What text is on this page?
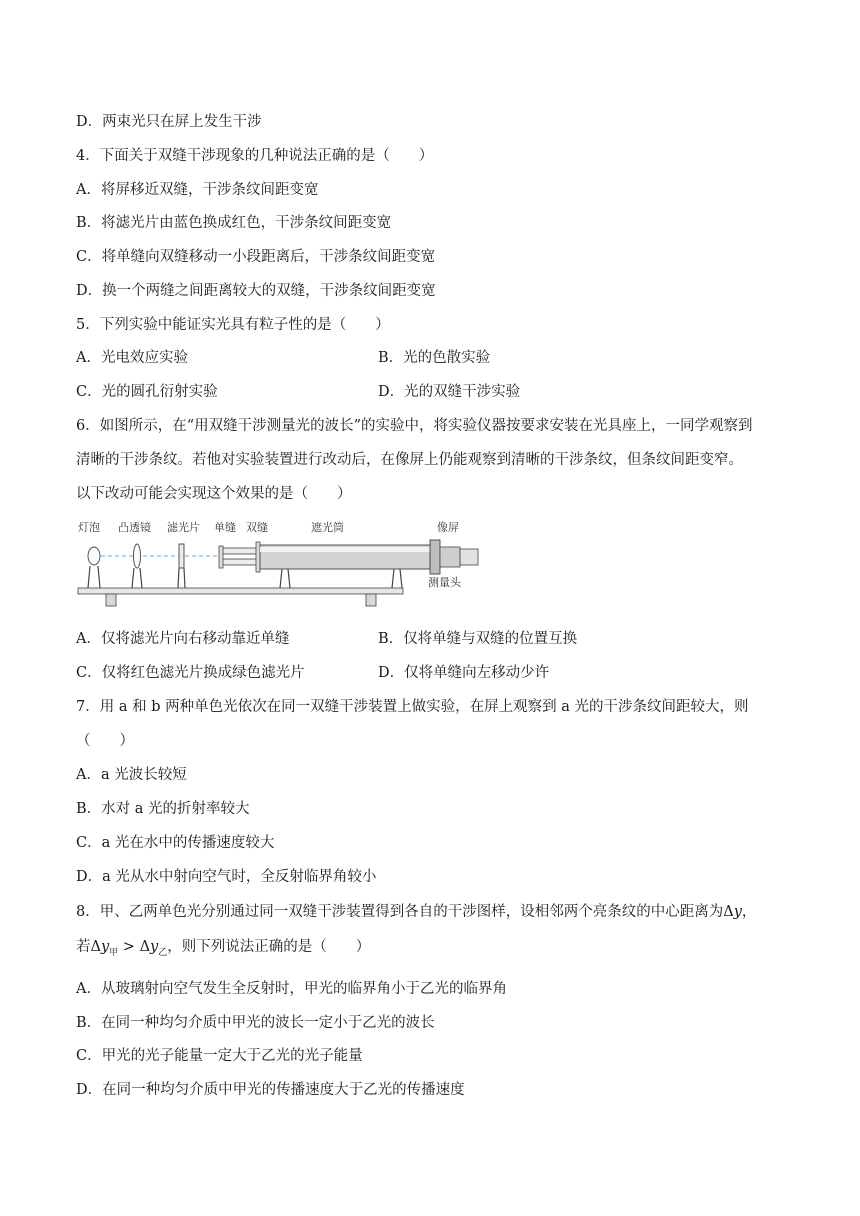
D．两束光只在屏上发生干涉
4．下面关于双缝干涉现象的几种说法正确的是（　　）
A．将屏移近双缝，干涉条纹间距变宽
B．将滤光片由蓝色换成红色，干涉条纹间距变宽
C．将单缝向双缝移动一小段距离后，干涉条纹间距变宽
D．换一个两缝之间距离较大的双缝，干涉条纹间距变宽
5．下列实验中能证实光具有粒子性的是（　　）
A．光电效应实验	B．光的色散实验
C．光的圆孔衍射实验	D．光的双缝干涉实验
6．如图所示，在“用双缝干涉测量光的波长”的实验中，将实验仪器按要求安装在光具座上，一同学观察到
清晰的干涉条纹。若他对实验装置进行改动后，在像屏上仍能观察到清晰的干涉条纹，但条纹间距变窄。
以下改动可能会实现这个效果的是（　　）
灯泡 凸透镜 滤光片 单缝 双缝	遮光筒	像屏
测量头
A．仅将滤光片向右移动靠近单缝	B．仅将单缝与双缝的位置互换
C．仅将红色滤光片换成绿色滤光片	D．仅将单缝向左移动少许
7．用 a 和 b 两种单色光依次在同一双缝干涉装置上做实验，在屏上观察到 a 光的干涉条纹间距较大，则
（　　）
A．a 光波长较短
B．水对 a 光的折射率较大
C．a 光在水中的传播速度较大
D．a 光从水中射向空气时，全反射临界角较小
8．甲、乙两单色光分别通过同一双缝干涉装置得到各自的干涉图样，设相邻两个亮条纹的中心距离为Δy，
若$\Delta y_甲 > \Delta y_乙$，则下列说法正确的是（　　）
A．从玻璃射向空气发生全反射时，甲光的临界角小于乙光的临界角
B．在同一种均匀介质中甲光的波长一定小于乙光的波长
C．甲光的光子能量一定大于乙光的光子能量
D．在同一种均匀介质中甲光的传播速度大于乙光的传播速度
